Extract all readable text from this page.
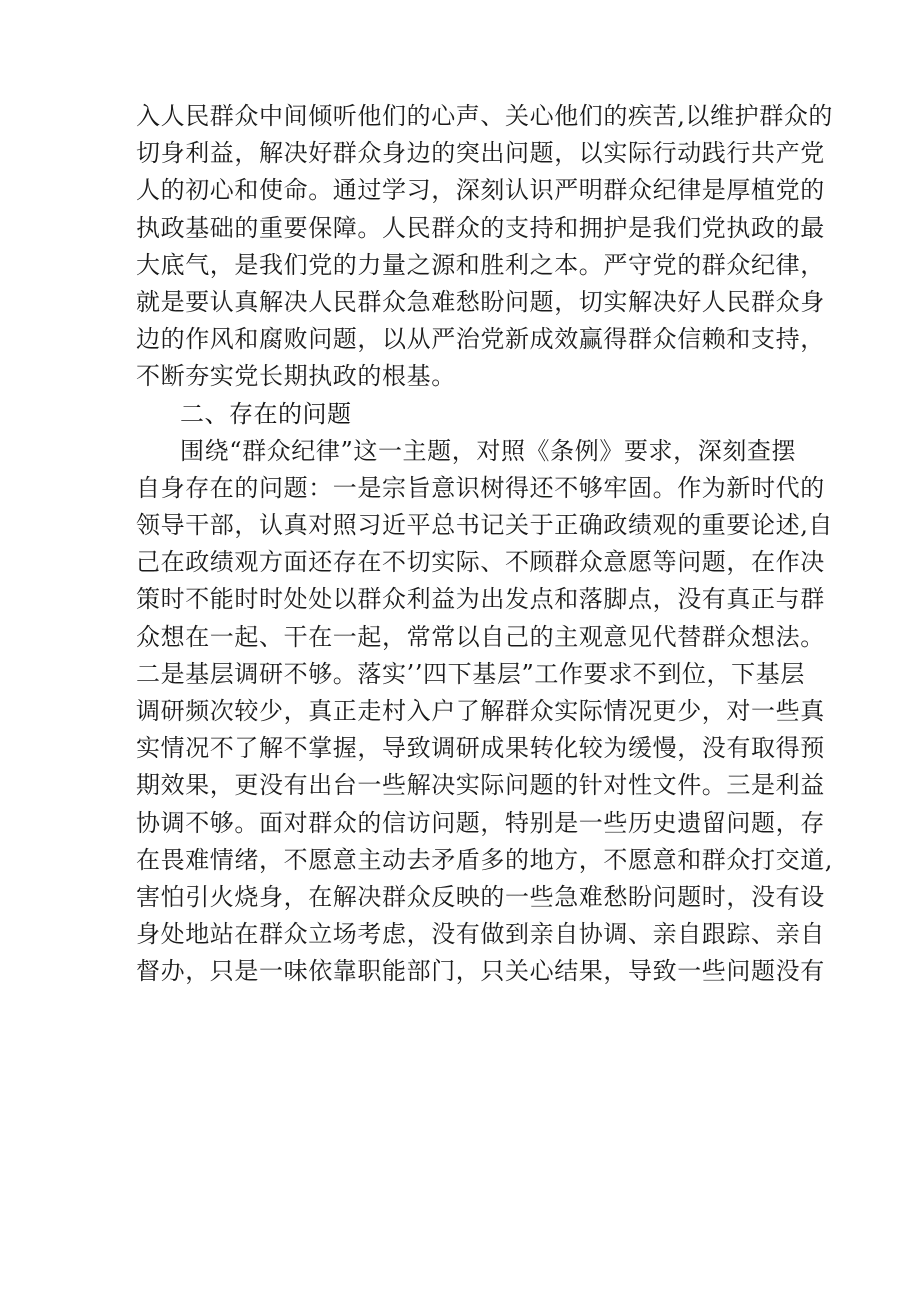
入人民群众中间倾听他们的心声、关心他们的疾苦,以维护群众的
切身利益，解决好群众身边的突出问题，以实际行动践行共产党
人的初心和使命。通过学习，深刻认识严明群众纪律是厚植党的
执政基础的重要保障。人民群众的支持和拥护是我们党执政的最
大底气，是我们党的力量之源和胜利之本。严守党的群众纪律，
就是要认真解决人民群众急难愁盼问题，切实解决好人民群众身
边的作风和腐败问题，以从严治党新成效赢得群众信赖和支持，
不断夯实党长期执政的根基。
二、存在的问题
围绕“群众纪律”这一主题，对照《条例》要求，深刻查摆
自身存在的问题：一是宗旨意识树得还不够牢固。作为新时代的
领导干部，认真对照习近平总书记关于正确政绩观的重要论述,自
己在政绩观方面还存在不切实际、不顾群众意愿等问题，在作决
策时不能时时处处以群众利益为出发点和落脚点，没有真正与群
众想在一起、干在一起，常常以自己的主观意见代替群众想法。
二是基层调研不够。落实’’四下基层”工作要求不到位，下基层
调研频次较少，真正走村入户了解群众实际情况更少，对一些真
实情况不了解不掌握，导致调研成果转化较为缓慢，没有取得预
期效果，更没有出台一些解决实际问题的针对性文件。三是利益
协调不够。面对群众的信访问题，特别是一些历史遗留问题，存
在畏难情绪，不愿意主动去矛盾多的地方，不愿意和群众打交道,
害怕引火烧身，在解决群众反映的一些急难愁盼问题时，没有设
身处地站在群众立场考虑，没有做到亲自协调、亲自跟踪、亲自
督办，只是一味依靠职能部门，只关心结果，导致一些问题没有
